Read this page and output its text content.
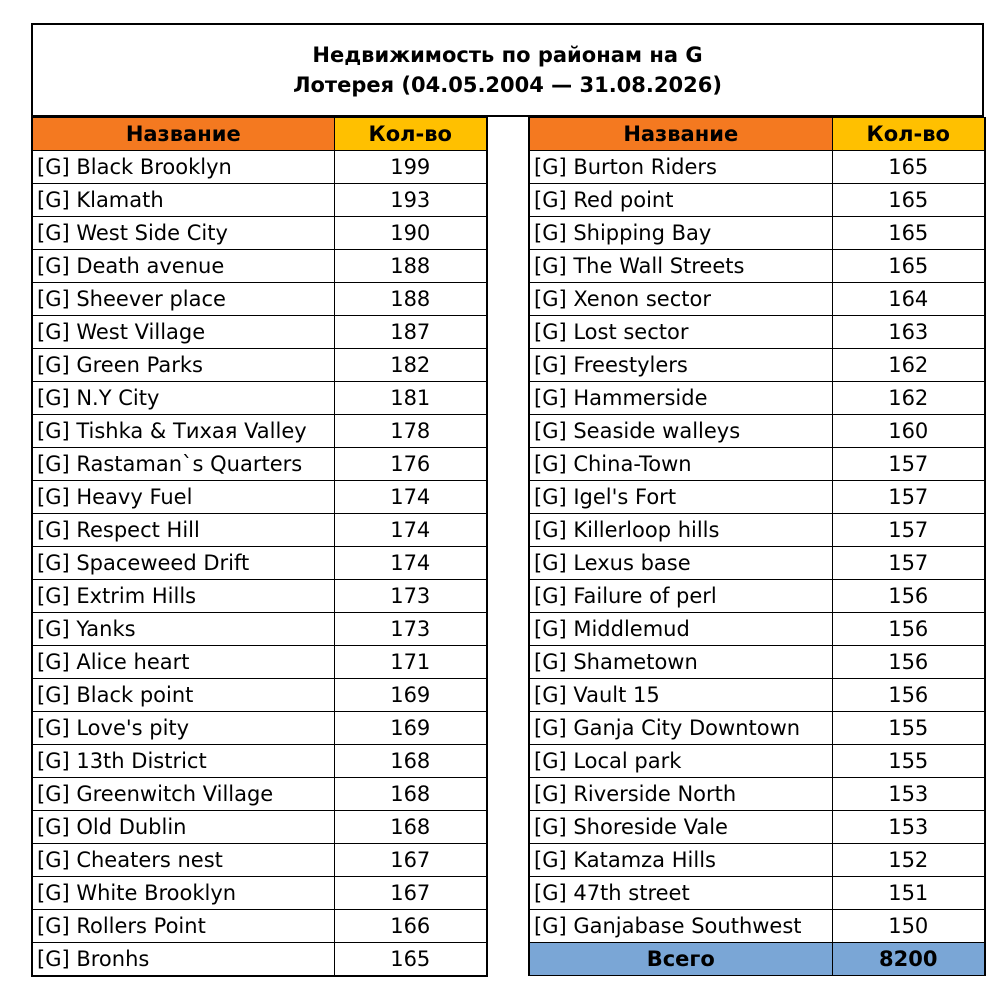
Недвижимость по районам на G
Лотерея (04.05.2004 — 31.08.2026)
Название	Кол-во
[G] Black Brooklyn	199
[G] Klamath	193
[G] West Side City	190
[G] Death avenue	188
[G] Sheever place	188
[G] West Village	187
[G] Green Parks	182
[G] N.Y City	181
[G] Tishka & Тихая Valley	178
[G] Rastaman`s Quarters	176
[G] Heavy Fuel	174
[G] Respect Hill	174
[G] Spaceweed Drift	174
[G] Extrim Hills	173
[G] Yanks	173
[G] Alice heart	171
[G] Black point	169
[G] Love's pity	169
[G] 13th District	168
[G] Greenwitch Village	168
[G] Old Dublin	168
[G] Cheaters nest	167
[G] White Brooklyn	167
[G] Rollers Point	166
[G] Bronhs	165
Название	Кол-во
[G] Burton Riders	165
[G] Red point	165
[G] Shipping Bay	165
[G] The Wall Streets	165
[G] Xenon sector	164
[G] Lost sector	163
[G] Freestylers	162
[G] Hammerside	162
[G] Seaside walleys	160
[G] China-Town	157
[G] Igel's Fort	157
[G] Killerloop hills	157
[G] Lexus base	157
[G] Failure of perl	156
[G] Middlemud	156
[G] Shametown	156
[G] Vault 15	156
[G] Ganja City Downtown	155
[G] Local park	155
[G] Riverside North	153
[G] Shoreside Vale	153
[G] Katamza Hills	152
[G] 47th street	151
[G] Ganjabase Southwest	150
Всего	8200
